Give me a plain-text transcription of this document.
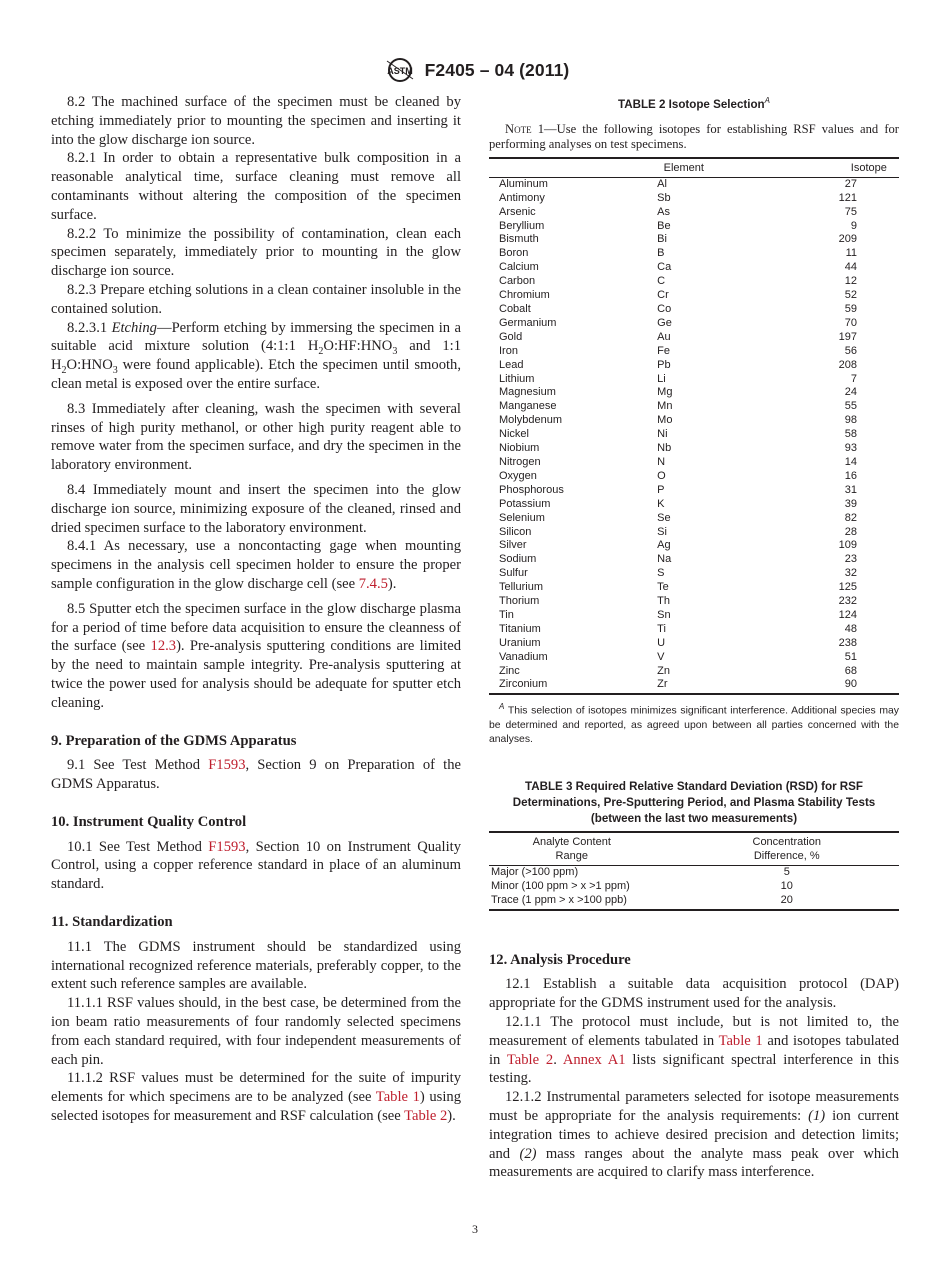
ASTM F2405 – 04 (2011)

8.2 The machined surface of the specimen must be cleaned by etching immediately prior to mounting the specimen and inserting it into the glow discharge ion source.

8.2.1 In order to obtain a representative bulk composition in a reasonable analytical time, surface cleaning must remove all contaminants without altering the composition of the specimen surface.

8.2.2 To minimize the possibility of contamination, clean each specimen separately, immediately prior to mounting in the glow discharge ion source.

8.2.3 Prepare etching solutions in a clean container insoluble in the contained solution.

8.2.3.1 Etching—Perform etching by immersing the specimen in a suitable acid mixture solution (4:1:1 $H_2O:HF:HNO_3$ and 1:1 $H_2O:HNO_3$ were found applicable). Etch the specimen until smooth, clean metal is exposed over the entire surface.

8.3 Immediately after cleaning, wash the specimen with several rinses of high purity methanol, or other high purity reagent able to remove water from the specimen surface, and dry the specimen in the laboratory environment.

8.4 Immediately mount and insert the specimen into the glow discharge ion source, minimizing exposure of the cleaned, rinsed and dried specimen surface to the laboratory environment.

8.4.1 As necessary, use a noncontacting gage when mounting specimens in the analysis cell specimen holder to ensure the proper sample configuration in the glow discharge cell (see 7.4.5).

8.5 Sputter etch the specimen surface in the glow discharge plasma for a period of time before data acquisition to ensure the cleanness of the surface (see 12.3). Pre-analysis sputtering conditions are limited by the need to maintain sample integrity. Pre-analysis sputtering at twice the power used for analysis should be adequate for sputter etch cleaning.

9. Preparation of the GDMS Apparatus

9.1 See Test Method F1593, Section 9 on Preparation of the GDMS Apparatus.

10. Instrument Quality Control

10.1 See Test Method F1593, Section 10 on Instrument Quality Control, using a copper reference standard in place of an aluminum standard.

11. Standardization

11.1 The GDMS instrument should be standardized using international recognized reference materials, preferably copper, to the extent such reference samples are available.

11.1.1 RSF values should, in the best case, be determined from the ion beam ratio measurements of four randomly selected specimens from each standard required, with four independent measurements of each pin.

11.1.2 RSF values must be determined for the suite of impurity elements for which specimens are to be analyzed (see Table 1) using selected isotopes for measurement and RSF calculation (see Table 2).

TABLE 2 Isotope Selection$^A$

Note 1—Use the following isotopes for establishing RSF values and for performing analyses on test specimens.

Element		Isotope
Aluminum	Al	27
Antimony	Sb	121
Arsenic	As	75
Beryllium	Be	9
Bismuth	Bi	209
Boron	B	11
Calcium	Ca	44
Carbon	C	12
Chromium	Cr	52
Cobalt	Co	59
Germanium	Ge	70
Gold	Au	197
Iron	Fe	56
Lead	Pb	208
Lithium	Li	7
Magnesium	Mg	24
Manganese	Mn	55
Molybdenum	Mo	98
Nickel	Ni	58
Niobium	Nb	93
Nitrogen	N	14
Oxygen	O	16
Phosphorous	P	31
Potassium	K	39
Selenium	Se	82
Silicon	Si	28
Silver	Ag	109
Sodium	Na	23
Sulfur	S	32
Tellurium	Te	125
Thorium	Th	232
Tin	Sn	124
Titanium	Ti	48
Uranium	U	238
Vanadium	V	51
Zinc	Zn	68
Zirconium	Zr	90

$^A$ This selection of isotopes minimizes significant interference. Additional species may be determined and reported, as agreed upon between all parties concerned with the analyses.

TABLE 3 Required Relative Standard Deviation (RSD) for RSF Determinations, Pre-Sputtering Period, and Plasma Stability Tests (between the last two measurements)
Analyte Content
Range	Concentration
Difference, %
Major (>100 ppm)	5
Minor (100 ppm > x >1 ppm)	10
Trace (1 ppm > x >100 ppb)	20
12. Analysis Procedure

12.1 Establish a suitable data acquisition protocol (DAP) appropriate for the GDMS instrument used for the analysis.

12.1.1 The protocol must include, but is not limited to, the measurement of elements tabulated in Table 1 and isotopes tabulated in Table 2. Annex A1 lists significant spectral interference in this testing.

12.1.2 Instrumental parameters selected for isotope measurements must be appropriate for the analysis requirements: (1) ion current integration times to achieve desired precision and detection limits; and (2) mass ranges about the analyte mass peak over which measurements are acquired to clarify mass interference.

3
